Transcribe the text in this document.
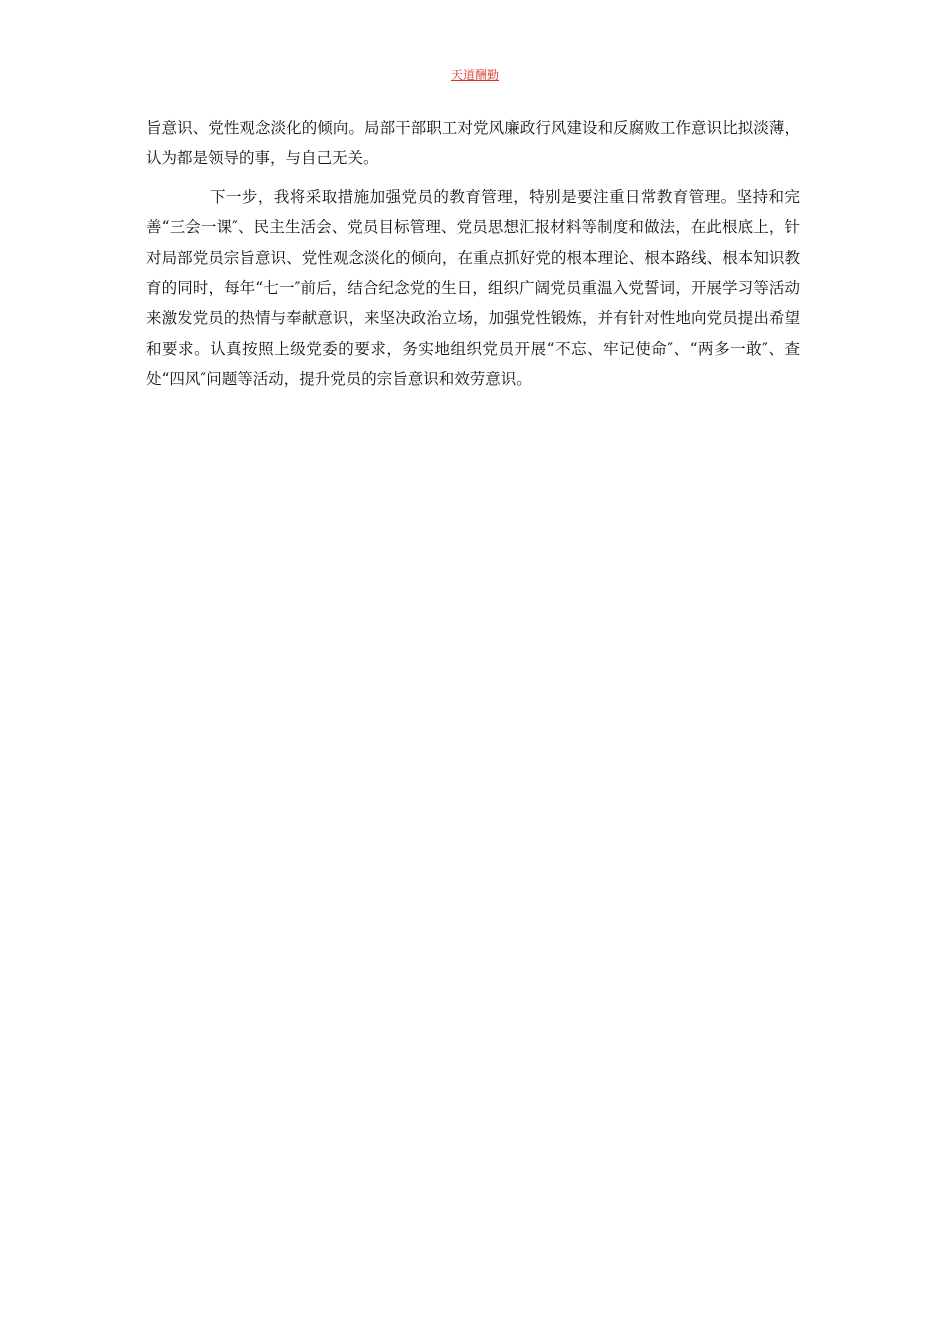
天道酬勤

旨意识、党性观念淡化的倾向。局部干部职工对党风廉政行风建设和反腐败工作意识比拟淡薄，认为都是领导的事，与自己无关。

下一步，我将采取措施加强党员的教育管理，特别是要注重日常教育管理。坚持和完善“三会一课″、民主生活会、党员目标管理、党员思想汇报材料等制度和做法，在此根底上，针对局部党员宗旨意识、党性观念淡化的倾向，在重点抓好党的根本理论、根本路线、根本知识教育的同时，每年“七一″前后，结合纪念党的生日，组织广阔党员重温入党誓词，开展学习等活动来激发党员的热情与奉献意识，来坚决政治立场，加强党性锻炼，并有针对性地向党员提出希望和要求。认真按照上级党委的要求，务实地组织党员开展“不忘、牢记使命″、“两多一敢″、查处“四风″问题等活动，提升党员的宗旨意识和效劳意识。
